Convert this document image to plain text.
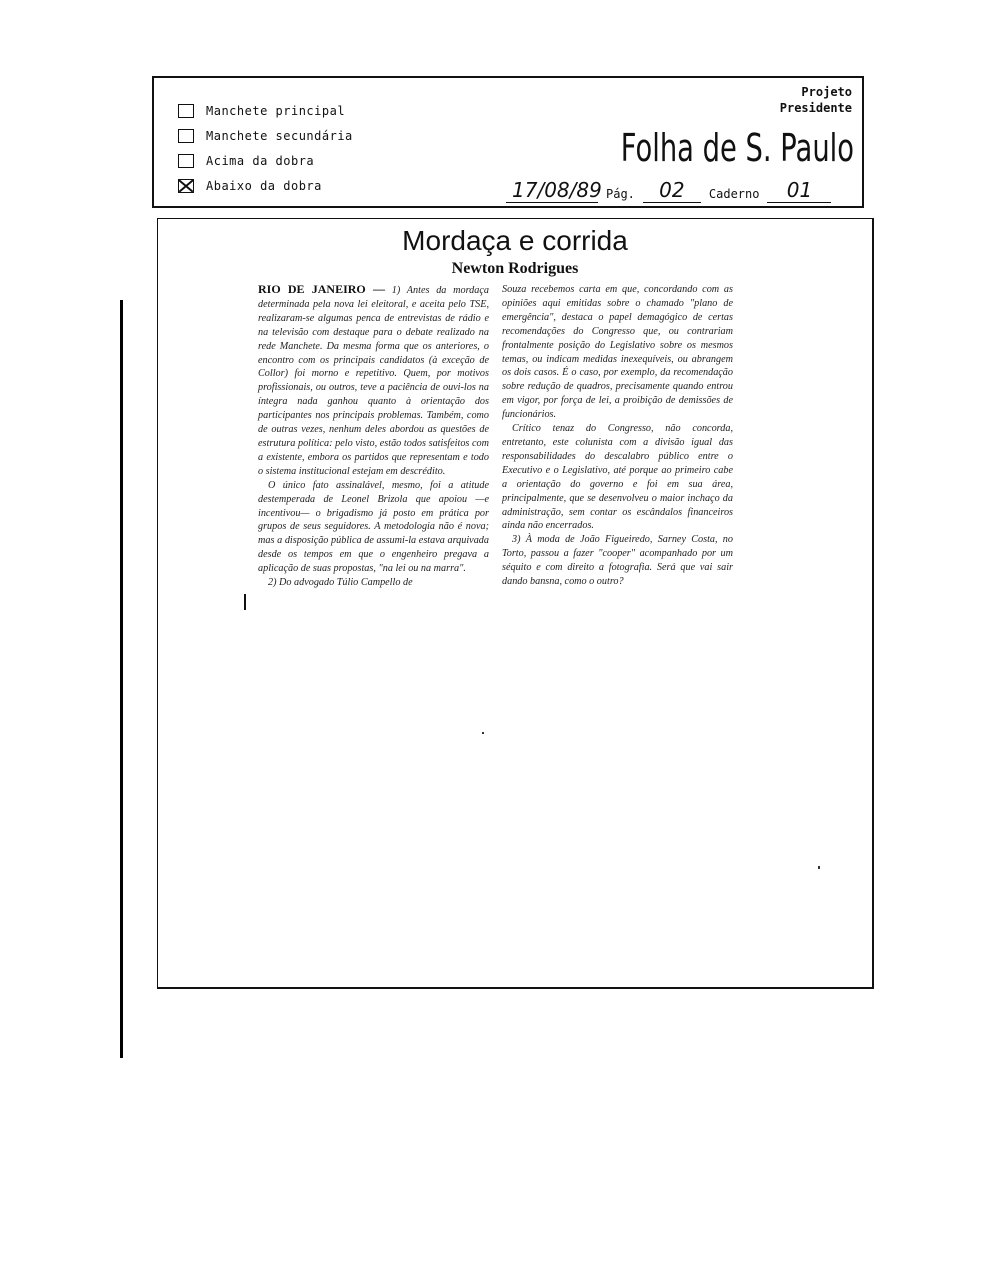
Manchete principal
Manchete secundária
Acima da dobra
Abaixo da dobra
Projeto
Presidente
Folha de S. Paulo
17/08/89 Pág.	02	Caderno	01
Mordaça e corrida
Newton Rodrigues

RIO DE JANEIRO — 1) Antes da mordaça determinada pela nova lei eleitoral, e aceita pelo TSE, realizaram-se algumas penca de entrevistas de rádio e na televisão com destaque para o debate realizado na rede Manchete. Da mesma forma que os anteriores, o encontro com os principais candidatos (à exceção de Collor) foi morno e repetitivo. Quem, por motivos profissionais, ou outros, teve a paciência de ouvi-los na íntegra nada ganhou quanto à orientação dos participantes nos principais problemas. Também, como de outras vezes, nenhum deles abordou as questões de estrutura política: pelo visto, estão todos satisfeitos com a existente, embora os partidos que representam e todo o sistema institucional estejam em descrédito.

O único fato assinalável, mesmo, foi a atitude destemperada de Leonel Brizola que apoiou —e incentivou— o brigadismo já posto em prática por grupos de seus seguidores. A metodologia não é nova; mas a disposição pública de assumi-la estava arquivada desde os tempos em que o engenheiro pregava a aplicação de suas propostas, "na lei ou na marra".

2) Do advogado Túlio Campello de

Souza recebemos carta em que, concordando com as opiniões aqui emitidas sobre o chamado "plano de emergência", destaca o papel demagógico de certas recomendações do Congresso que, ou contrariam frontalmente posição do Legislativo sobre os mesmos temas, ou indicam medidas inexequíveis, ou abrangem os dois casos. É o caso, por exemplo, da recomendação sobre redução de quadros, precisamente quando entrou em vigor, por força de lei, a proibição de demissões de funcionários.

Crítico tenaz do Congresso, não concorda, entretanto, este colunista com a divisão igual das responsabilidades do descalabro público entre o Executivo e o Legislativo, até porque ao primeiro cabe a orientação do governo e foi em sua área, principalmente, que se desenvolveu o maior inchaço da administração, sem contar os escândalos financeiros ainda não encerrados.

3) À moda de João Figueiredo, Sarney Costa, no Torto, passou a fazer "cooper" acompanhado por um séquito e com direito a fotografia. Será que vai sair dando bansna, como o outro?
